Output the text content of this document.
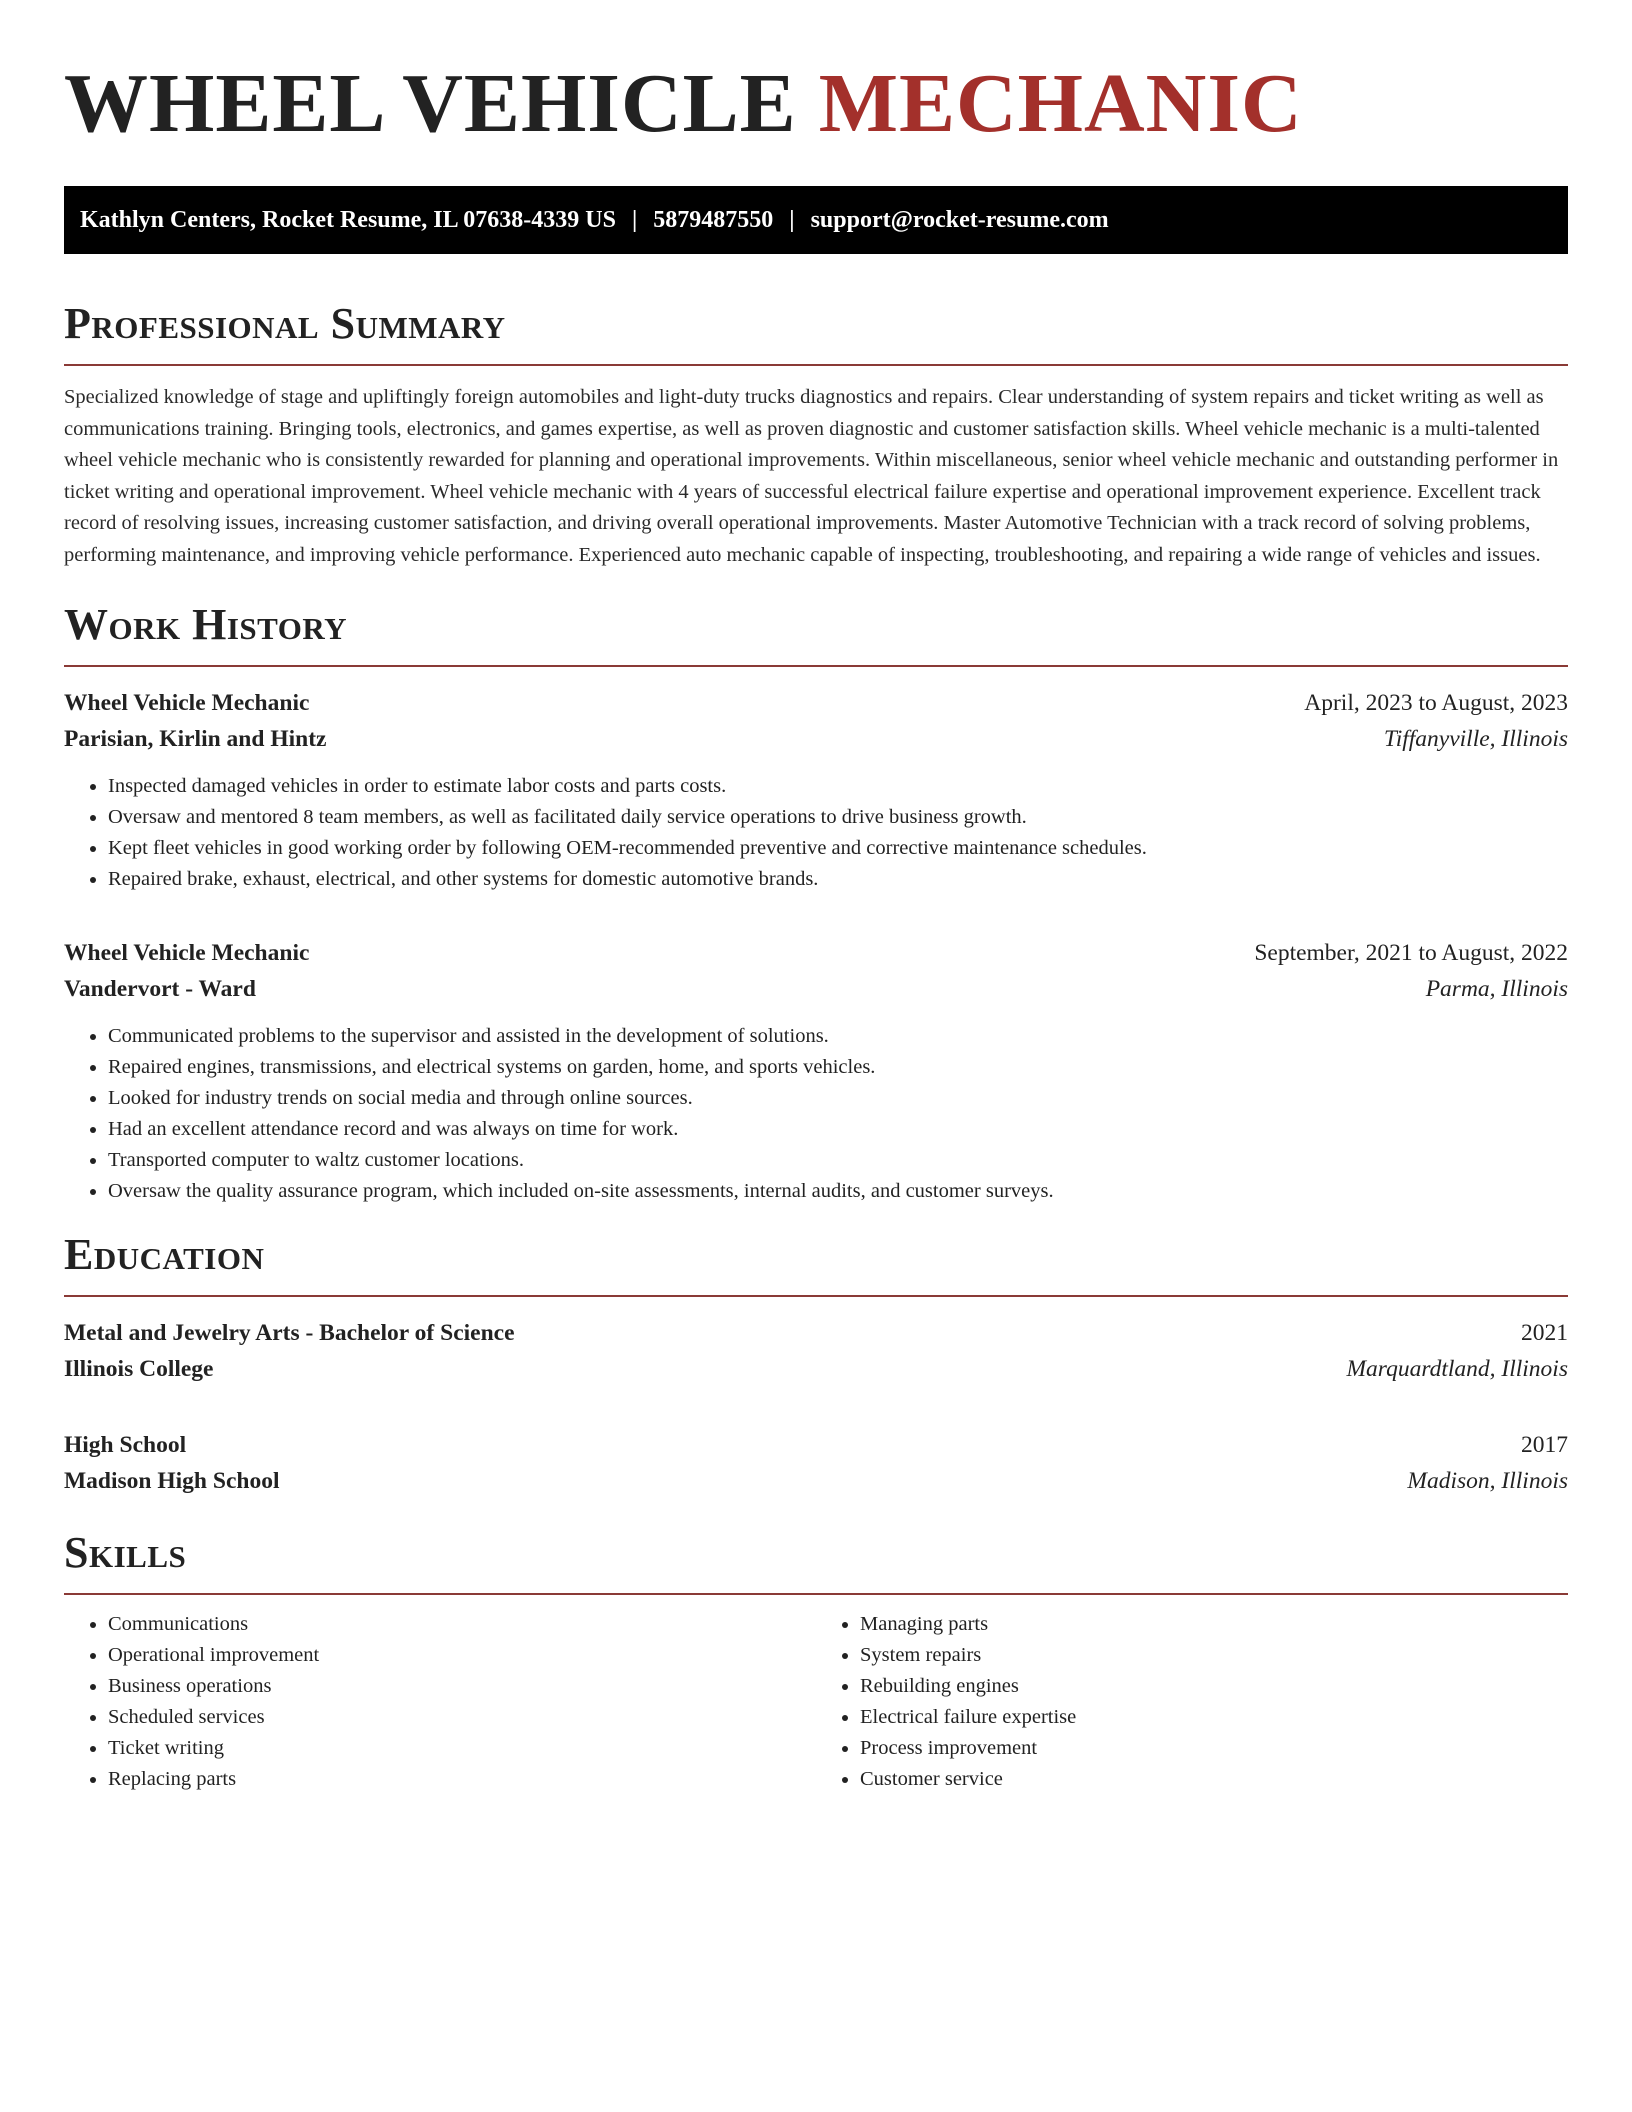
WHEEL VEHICLE MECHANIC
Kathlyn Centers, Rocket Resume, IL 07638-4339 US | 5879487550 | support@rocket-resume.com
Professional Summary

Specialized knowledge of stage and upliftingly foreign automobiles and light-duty trucks diagnostics and repairs. Clear understanding of system repairs and ticket writing as well as communications training. Bringing tools, electronics, and games expertise, as well as proven diagnostic and customer satisfaction skills. Wheel vehicle mechanic is a multi-talented wheel vehicle mechanic who is consistently rewarded for planning and operational improvements. Within miscellaneous, senior wheel vehicle mechanic and outstanding performer in ticket writing and operational improvement. Wheel vehicle mechanic with 4 years of successful electrical failure expertise and operational improvement experience. Excellent track record of resolving issues, increasing customer satisfaction, and driving overall operational improvements. Master Automotive Technician with a track record of solving problems, performing maintenance, and improving vehicle performance. Experienced auto mechanic capable of inspecting, troubleshooting, and repairing a wide range of vehicles and issues.

Work History
Wheel Vehicle Mechanic	April, 2023 to August, 2023
Parisian, Kirlin and Hintz	Tiffanyville, Illinois
• Inspected damaged vehicles in order to estimate labor costs and parts costs.
• Oversaw and mentored 8 team members, as well as facilitated daily service operations to drive business growth.
• Kept fleet vehicles in good working order by following OEM-recommended preventive and corrective maintenance schedules.
• Repaired brake, exhaust, electrical, and other systems for domestic automotive brands.
Wheel Vehicle Mechanic	September, 2021 to August, 2022
Vandervort - Ward	Parma, Illinois
• Communicated problems to the supervisor and assisted in the development of solutions.
• Repaired engines, transmissions, and electrical systems on garden, home, and sports vehicles.
• Looked for industry trends on social media and through online sources.
• Had an excellent attendance record and was always on time for work.
• Transported computer to waltz customer locations.
• Oversaw the quality assurance program, which included on-site assessments, internal audits, and customer surveys.
Education
Metal and Jewelry Arts - Bachelor of Science	2021
Illinois College	Marquardtland, Illinois
High School	2017
Madison High School	Madison, Illinois
Skills
• Communications
• Operational improvement
• Business operations
• Scheduled services
• Ticket writing
• Replacing parts
• Managing parts
• System repairs
• Rebuilding engines
• Electrical failure expertise
• Process improvement
• Customer service
